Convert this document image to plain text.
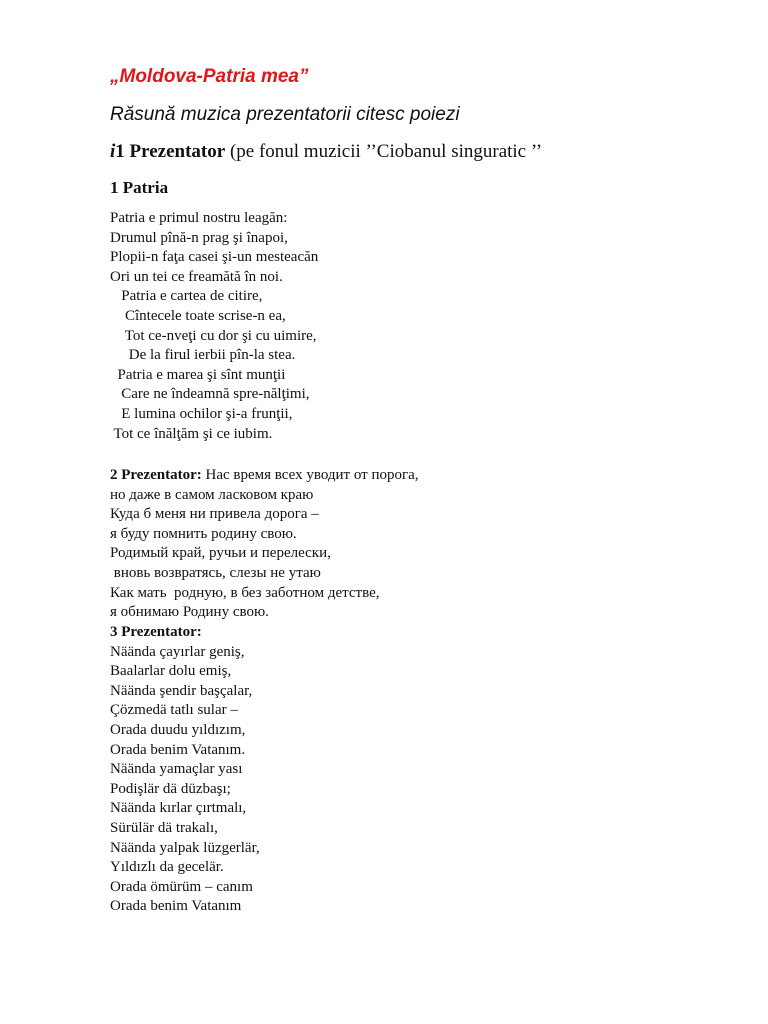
„Moldova-Patria mea”

Răsună muzica prezentatorii citesc poiezi

i1 Prezentator (pe fonul muzicii ’’Ciobanul singuratic ’’

1 Patria
Patria e primul nostru leagăn:
Drumul pînă-n prag şi înapoi,
Plopii-n faţa casei şi-un mesteacăn
Ori un tei ce freamătă în noi.
Patria e cartea de citire,
Cîntecele toate scrise-n ea,
Tot ce-nveţi cu dor şi cu uimire,
De la firul ierbii pîn-la stea.
Patria e marea şi sînt munţii
Care ne îndeamnă spre-nălţimi,
E lumina ochilor şi-a frunţii,
Tot ce înălţăm şi ce iubim.
2 Prezentator: Нас время всех уводит от порога,
но даже в самом ласковом краю
Куда б меня ни привела дорога –
я буду помнить родину свою.
Родимый край, ручьи и перелески,
вновь возвратясь, слезы не утаю
Как мать  родную, в без заботном детстве,
я обнимаю Родину свою.
3 Prezentator:
Näända çayırlar geniş,
Baalarlar dolu emiş,
Näända şendir başçalar,
Çözmedä tatlı sular –
Orada duudu yıldızım,
Orada benim Vatanım.
Näända yamaçlar yası
Podişlär dä düzbaşı;
Näända kırlar çırtmalı,
Sürülär dä trakalı,
Näända yalpak lüzgerlär,
Yıldızlı da gecelär.
Orada ömürüm – canım
Orada benim Vatanım
